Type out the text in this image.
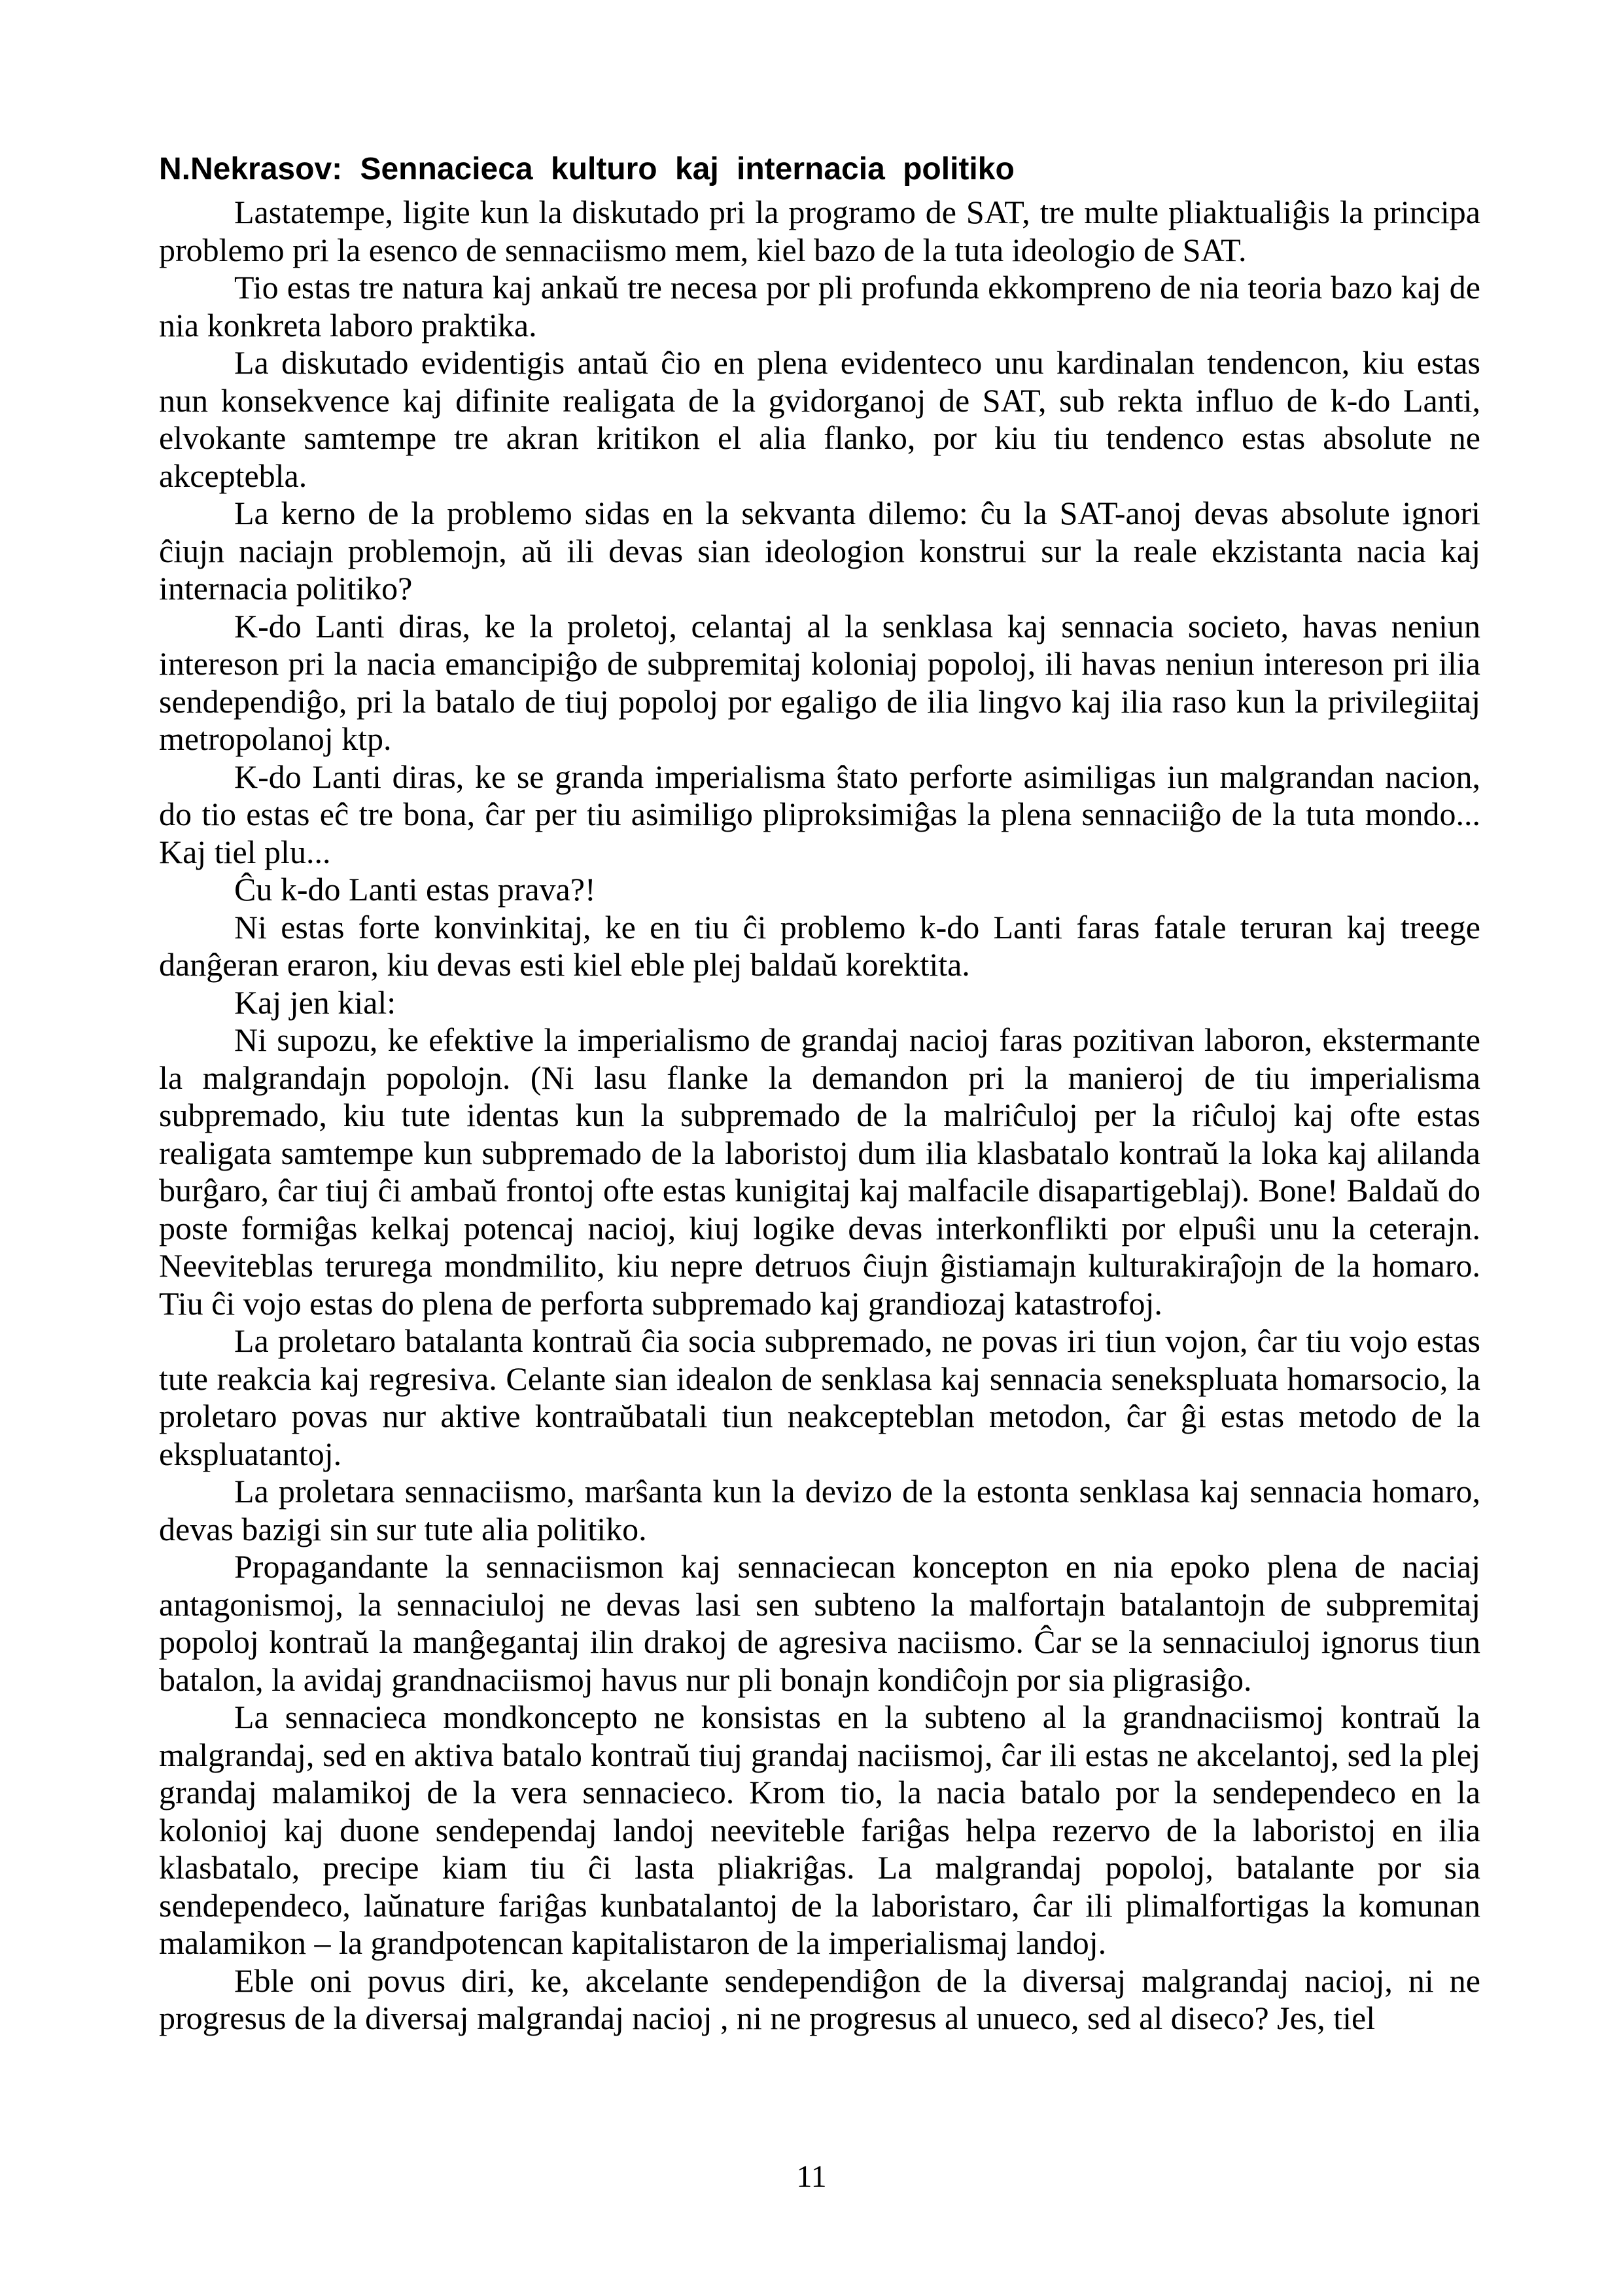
N.Nekrasov: Sennacieca kulturo kaj internacia politiko

Lastatempe, ligite kun la diskutado pri la programo de SAT, tre multe pliaktualiĝis la principa problemo pri la esenco de sennaciismo mem, kiel bazo de la tuta ideologio de SAT.

Tio estas tre natura kaj ankaŭ tre necesa por pli profunda ekkompreno de nia teoria bazo kaj de nia konkreta laboro praktika.

La diskutado evidentigis antaŭ ĉio en plena evidenteco unu kardinalan tendencon, kiu estas nun konsekvence kaj difinite realigata de la gvidorganoj de SAT, sub rekta influo de k-do Lanti, elvokante samtempe tre akran kritikon el alia flanko, por kiu tiu tendenco estas absolute ne akceptebla.

La kerno de la problemo sidas en la sekvanta dilemo: ĉu la SAT-anoj devas absolute ignori ĉiujn naciajn problemojn, aŭ ili devas sian ideologion konstrui sur la reale ekzistanta nacia kaj internacia politiko?

K-do Lanti diras, ke la proletoj, celantaj al la senklasa kaj sennacia societo, havas neniun intereson pri la nacia emancipiĝo de subpremitaj koloniaj popoloj, ili havas neniun intereson pri ilia sendependiĝo, pri la batalo de tiuj popoloj por egaligo de ilia lingvo kaj ilia raso kun la privilegiitaj metropolanoj ktp.

K-do Lanti diras, ke se granda imperialisma ŝtato perforte asimiligas iun malgrandan nacion, do tio estas eĉ tre bona, ĉar per tiu asimiligo pliproksimiĝas la plena sennaciiĝo de la tuta mondo... Kaj tiel plu...

Ĉu k-do Lanti estas prava?!

Ni estas forte konvinkitaj, ke en tiu ĉi problemo k-do Lanti faras fatale teruran kaj treege danĝeran eraron, kiu devas esti kiel eble plej baldaŭ korektita.

Kaj jen kial:

Ni supozu, ke efektive la imperialismo de grandaj nacioj faras pozitivan laboron, ekstermante la malgrandajn popolojn. (Ni lasu flanke la demandon pri la manieroj de tiu imperialisma subpremado, kiu tute identas kun la subpremado de la malriĉuloj per la riĉuloj kaj ofte estas realigata samtempe kun subpremado de la laboristoj dum ilia klasbatalo kontraŭ la loka kaj alilanda burĝaro, ĉar tiuj ĉi ambaŭ frontoj ofte estas kunigitaj kaj malfacile disapartigeblaj). Bone! Baldaŭ do poste formiĝas kelkaj potencaj nacioj, kiuj logike devas interkonflikti por elpuŝi unu la ceterajn. Neeviteblas terurega mondmilito, kiu nepre detruos ĉiujn ĝistiamajn kulturakiraĵojn de la homaro. Tiu ĉi vojo estas do plena de perforta subpremado kaj grandiozaj katastrofoj.

La proletaro batalanta kontraŭ ĉia socia subpremado, ne povas iri tiun vojon, ĉar tiu vojo estas tute reakcia kaj regresiva. Celante sian idealon de senklasa kaj sennacia senekspluata homarsocio, la proletaro povas nur aktive kontraŭbatali tiun neakcepteblan metodon, ĉar ĝi estas metodo de la ekspluatantoj.

La proletara sennaciismo, marŝanta kun la devizo de la estonta senklasa kaj sennacia homaro, devas bazigi sin sur tute alia politiko.

Propagandante la sennaciismon kaj sennaciecan koncepton en nia epoko plena de naciaj antagonismoj, la sennaciuloj ne devas lasi sen subteno la malfortajn batalantojn de subpremitaj popoloj kontraŭ la manĝegantaj ilin drakoj de agresiva naciismo. Ĉar se la sennaciuloj ignorus tiun batalon, la avidaj grandnaciismoj havus nur pli bonajn kondiĉojn por sia pligrasiĝo.

La sennacieca mondkoncepto ne konsistas en la subteno al la grandnaciismoj kontraŭ la malgrandaj, sed en aktiva batalo kontraŭ tiuj grandaj naciismoj, ĉar ili estas ne akcelantoj, sed la plej grandaj malamikoj de la vera sennacieco. Krom tio, la nacia batalo por la sendependeco en la kolonioj kaj duone sendependaj landoj neeviteble fariĝas helpa rezervo de la laboristoj en ilia klasbatalo, precipe kiam tiu ĉi lasta pliakriĝas. La malgrandaj popoloj, batalante por sia sendependeco, laŭnature fariĝas kunbatalantoj de la laboristaro, ĉar ili plimalfortigas la komunan malamikon – la grandpotencan kapitalistaron de la imperialismaj landoj.

Eble oni povus diri, ke, akcelante sendependiĝon de la diversaj malgrandaj nacioj, ni ne progresus de la diversaj malgrandaj nacioj , ni ne progresus al unueco, sed al diseco? Jes, tiel

11
